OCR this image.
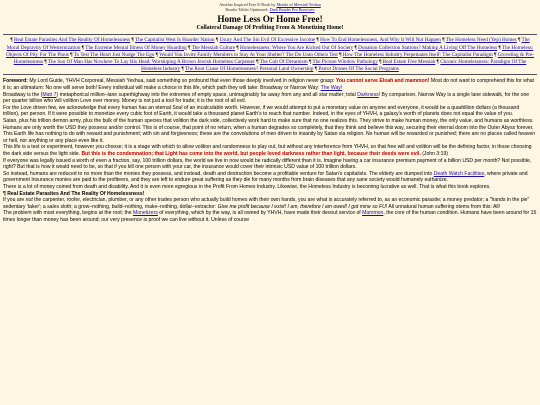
Another Inspired Free E-Book by Monks of Messiah Yeshua
Reader Tablet Optimized: Dark Reader Pro Browsers
Home Less Or Home Free!
Collateral Damage Of Profiting From & Monetizing Home!
¶ Real Estate Parasites And The Reality Of Homelessness ¶ The Capitalist West Is Hoarder Nation ¶ Usury And The Sin Evil Of Excessive Income ¶ How To End Homelessness, And Why It Will Not Happen ¶ The Homeless Need (Yep) Homes ¶ The Moral Depravity Of Westernization ¶ The Extreme Mental Illness Of Money Hoarding ¶ The Messiah Culture ¶ Homelessness: Where You Are Kicked Out Of Society ¶ Donation Collection Stations? Making A Living Off The Homeless ¶ The Homeless: Objects Of Pity For The Pious ¶ To Test The Heart Just Nudge The Ego ¶ Would You Invite Family Members to Stay At Your Shelter? The Do Unto Others Test ¶ How The Homeless Industry Perpetuates Itself: The Capitalist Paradigm ¶ Groveling & Pre- Homelessness ¶ The Son Of Man Has Nowhere To Lay His Head: Worshiping A Brown Jewish Homeless Carpenter ¶ The Cult Of Dreamism ¶ The Picture Window Pathology ¶ Real Estate Free Messiah ¶ Chronic Homelessness: Paradigm Of The Homeless Industry ¶ The Root Cause Of Homelessness? Personal Land Ownership ¶ Parrot Drones Of The Social Programs

Foreword: My Lord Guide, YHVH Corporeal, Messiah Yeshua, said something so profound that even those deeply involved in religion never grasp: You cannot serve Eloah and mammon! Most do not want to comprehend this for what it is; an ultimatum: No one will serve both! Every individual will make a choice in this life, which path they will take: Broadway or Narrow Way: The Way!

Broadway is the (Matt 7) metaphorical million–lane superhighway into the extremes of empty space, unimaginably far away from any and all star matter; total Darkness! By comparison, Narrow Way is a single lane sidewalk, for the one per quarter billion who will volition Love over money. Money is not just a tool for trade; it is the root of all evil.

For the Love driven few, we acknowledge that every human has an eternal Soul of an incalculable worth. However, if we would attempt to put a monetary value on anyone and everyone, it would be a quadrillion dollars (a thousand trillion), per person. If it were possible to monetize every cubic foot of Earth, it would take a thousand planet Earth's to reach that number. Indeed, in the eyes of YHVH, a galaxy's worth of planets does not equal the value of you.

Satan, plus his trillion demon army, plus the bulk of the human species that volition the dark side, collectively work hard to make sure that no one realizes this. They strive to make human money, the only value, and humans as worthless. Humans are only worth the USD they possess and/or control. This is of course, that point of no return, when a human degrades so completely, that they think and believe this way, securing their eternal doom into the Outer Abyss forever.

This Earth life has nothing to do with reward and punishment; with sin and forgiveness; these are the convolutions of men driven to insanity by Satan via religion. No human will be rewarded or punished; there are no places called heaven or hell, nor anything or any place even like it.

This life is a test or experiment, however you choose; it is a stage with which to allow volition and randomness to play out, but without any interference from YHVH, so that free will and volition will be the defining factor, in those choosing the dark side versus the light side. But this is the condemnation; that Light has come into the world, but people loved darkness rather than light, because their deeds were evil. (John 3:19)

If everyone was legally issued a worth of even a fraction, say, 100 trillion dollars, the world we live in now would be radically different than it is. Imagine having a car insurance premium payment of a billion USD per month? Not possible, right? But that is how it would need to be, so that if you kill one person with your car, the insurance would cover their intrinsic USD value of 100 trillion dollars.

So instead, humans are reduced to no more than the monies they possess, and instead, death and destruction become a profitable venture for Satan's capitalists. The elderly are dumped into Death Watch Facilities, where private and government Insurance monies are paid to the profiteers, and they are left to endure great suffering as they die for many months from brain diseases that any sane society would humanely euthanize.

There is a lot of money coined from death and disability. And it is even more egregious in the Profit From Homes Industry. Likewise, the Homeless Industry is becoming lucrative as well. That is what this book explores.

¶ Real Estate Parasites And The Reality Of Homelessness!

If you are not the carpenter, roofer, electrician, plumber, or any other trades person who actually build homes with their own hands, you are what is accurately referred to, as an economic parasite; a money predator; a "hands in the pie" sedentary 'taker'; a sales sloth; a grow–nothing, build–nothing, make–nothing, dollar–extractor: Give me profit because I exist! I am, therefore I am owed! I got mine so FU! All unnatural human suffering stems from this: All!

The problem with most everything, begins at the root; the Monetizers of everything, which by the way, is all owned by YHVH, have made their devout service of Mammon, the core of the human condition. Humans have been around for 15 times longer than money has been around; our very presence is proof we can live without it. Unless of course
